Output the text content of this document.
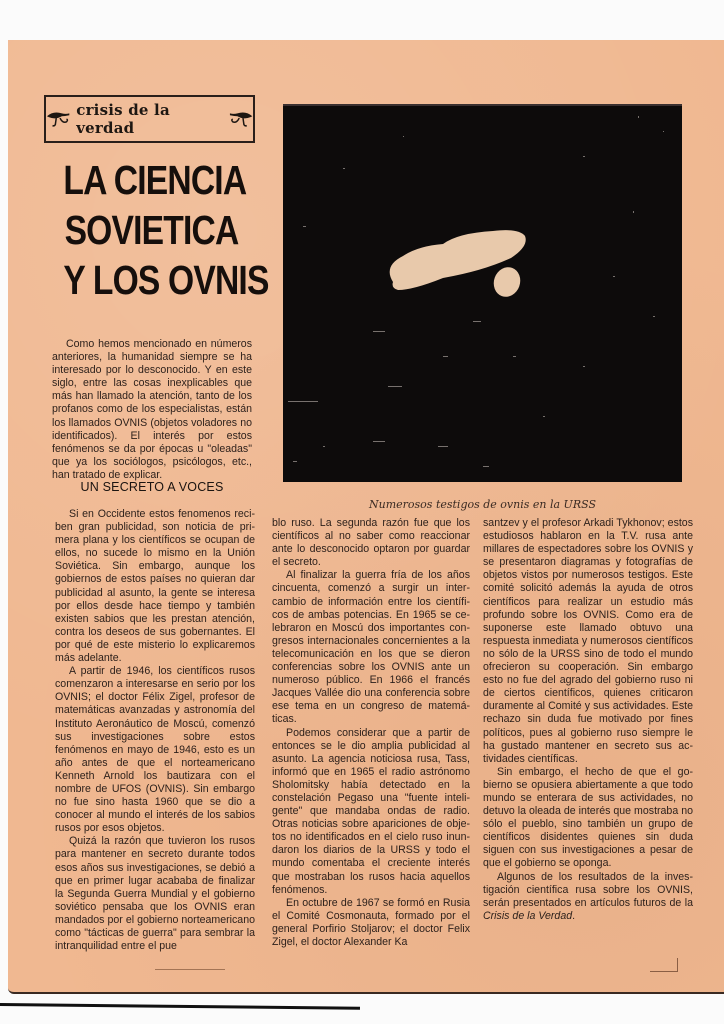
crisis de la verdad
LA CIENCIA
SOVIETICA
Y LOS OVNIS

Como hemos mencionado en números anteriores, la humanidad siempre se ha interesado por lo desconocido. Y en este siglo, entre las cosas inexplicables que más han llamado la atención, tanto de los profanos como de los especialistas, están los llamados OVNIS (objetos voladores no identificados). El interés por estos fenómenos se da por épocas u "oleadas" que ya los sociólogos, psicólogos, etc., han tratado de explicar.

UN SECRETO A VOCES

Si en Occidente estos fenomenos reciben gran publicidad, son noticia de primera plana y los científicos se ocupan de ellos, no sucede lo mismo en la Unión Soviética. Sin embargo, aunque los gobiernos de estos países no quieran dar publicidad al asunto, la gente se interesa por ellos desde hace tiempo y también existen sabios que les prestan atención, contra los deseos de sus gobernantes. El por qué de este misterio lo explicaremos más adelante.

A partir de 1946, los científicos rusos comenzaron a interesarse en serio por los OVNIS; el doctor Félix Zigel, profesor de matemáticas avanzadas y astronomía del Instituto Aeronáutico de Moscú, comenzó sus investigaciones sobre estos fenómenos en mayo de 1946, esto es un año antes de que el norteamericano Kenneth Arnold los bautizara con el nombre de UFOS (OVNIS). Sin embargo no fue sino hasta 1960 que se dio a conocer al mundo el interés de los sabios rusos por esos objetos.

Quizá la razón que tuvieron los rusos para mantener en secreto durante todos esos años sus investigaciones, se debió a que en primer lugar acababa de finalizar la Segunda Guerra Mundial y el gobierno soviético pensaba que los OVNIS eran mandados por el gobierno norteamericano como "tácticas de guerra" para sembrar la intranquilidad entre el pue

Numerosos testigos de ovnis en la URSS

blo ruso. La segunda razón fue que los científicos al no saber como reaccionar ante lo desconocido optaron por guardar el secreto.

Al finalizar la guerra fría de los años cincuenta, comenzó a surgir un intercambio de información entre los científicos de ambas potencias. En 1965 se celebraron en Moscú dos importantes congresos internacionales concernientes a la telecomunicación en los que se dieron conferencias sobre los OVNIS ante un numeroso público. En 1966 el francés Jacques Vallée dio una conferencia sobre ese tema en un congreso de matemáticas.

Podemos considerar que a partir de entonces se le dio amplia publicidad al asunto. La agencia noticiosa rusa, Tass, informó que en 1965 el radio astrónomo Sholomitsky había detectado en la constelación Pegaso una "fuente inteligente" que mandaba ondas de radio. Otras noticias sobre apariciones de objetos no identificados en el cielo ruso inundaron los diarios de la URSS y todo el mundo comentaba el creciente interés que mostraban los rusos hacia aquellos fenómenos.

En octubre de 1967 se formó en Rusia el Comité Cosmonauta, formado por el general Porfirio Stoljarov; el doctor Felix Zigel, el doctor Alexander Ka

santzev y el profesor Arkadi Tykhonov; estos estudiosos hablaron en la T.V. rusa ante millares de espectadores sobre los OVNIS y se presentaron diagramas y fotografías de objetos vistos por numerosos testigos. Este comité solicitó además la ayuda de otros científicos para realizar un estudio más profundo sobre los OVNIS. Como era de suponerse este llamado obtuvo una respuesta inmediata y numerosos científicos no sólo de la URSS sino de todo el mundo ofrecieron su cooperación. Sin embargo esto no fue del agrado del gobierno ruso ni de ciertos científicos, quienes criticaron duramente al Comité y sus actividades. Este rechazo sin duda fue motivado por fines políticos, pues al gobierno ruso siempre le ha gustado mantener en secreto sus actividades científicas.

Sin embargo, el hecho de que el gobierno se opusiera abiertamente a que todo mundo se enterara de sus actividades, no detuvo la oleada de interés que mostraba no sólo el pueblo, sino también un grupo de científicos disidentes quienes sin duda siguen con sus investigaciones a pesar de que el gobierno se oponga.

Algunos de los resultados de la investigación científica rusa sobre los OVNIS, serán presentados en artículos futuros de la Crisis de la Verdad.
